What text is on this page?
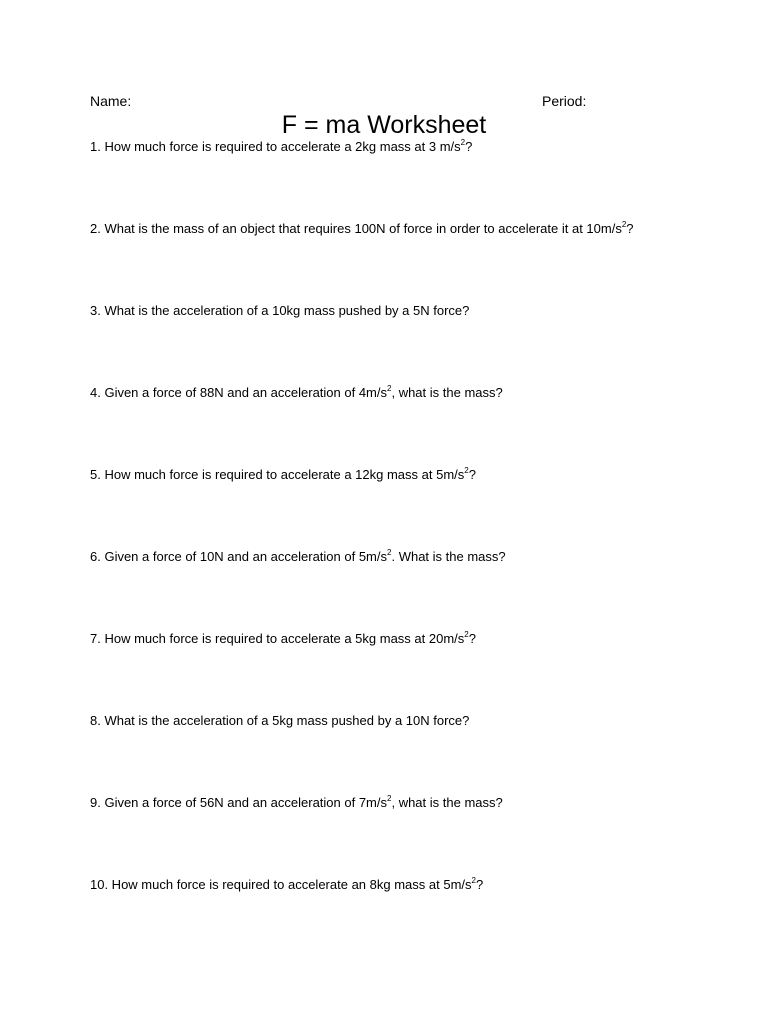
Name:	Period:
F = ma Worksheet
1. How much force is required to accelerate a 2kg mass at 3 $m/s^2$?
2. What is the mass of an object that requires 100N of force in order to accelerate it at $10m/s^2$?
3. What is the acceleration of a 10kg mass pushed by a 5N force?
4. Given a force of 88N and an acceleration of $4m/s^2$, what is the mass?
5. How much force is required to accelerate a 12kg mass at $5m/s^2$?
6. Given a force of 10N and an acceleration of $5m/s^2$. What is the mass?
7. How much force is required to accelerate a 5kg mass at $20m/s^2$?
8. What is the acceleration of a 5kg mass pushed by a 10N force?
9. Given a force of 56N and an acceleration of $7m/s^2$, what is the mass?
10. How much force is required to accelerate an 8kg mass at $5m/s^2$?
